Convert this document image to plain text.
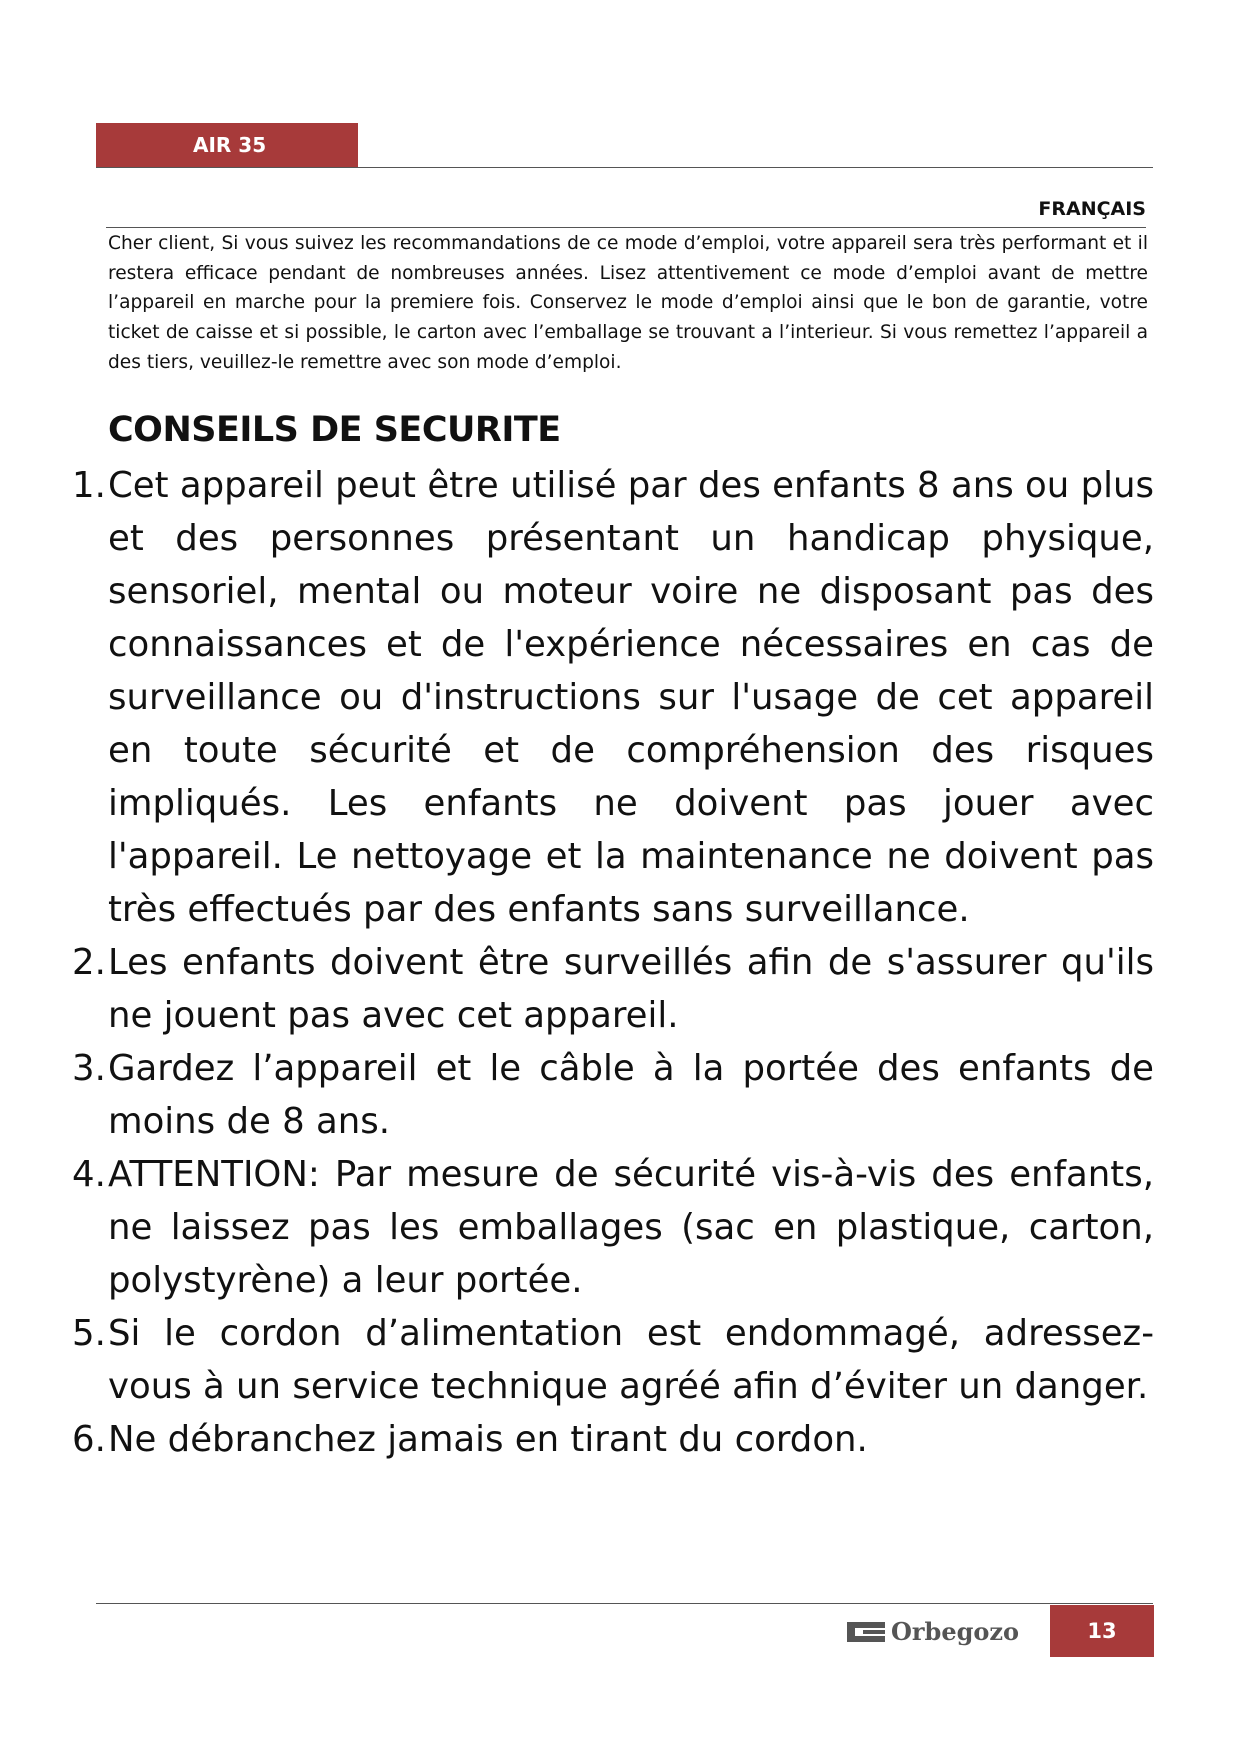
AIR 35
FRANÇAIS

Cher client, Si vous suivez les recommandations de ce mode d’emploi, votre appareil sera très performant et il restera efficace pendant de nombreuses années. Lisez attentivement ce mode d’emploi avant de mettre l’appareil en marche pour la premiere fois. Conservez le mode d’emploi ainsi que le bon de garantie, votre ticket de caisse et si possible, le carton avec l’emballage se trouvant a l’interieur. Si vous remettez l’appareil a des tiers, veuillez-le remettre avec son mode d’emploi.

CONSEILS DE SECURITE
1. Cet appareil peut être utilisé par des enfants 8 ans ou plus et des personnes présentant un handicap physique, sensoriel, mental ou moteur voire ne disposant pas des connaissances et de l'expérience nécessaires en cas de surveillance ou d'instructions sur l'usage de cet appareil en toute sécurité et de compréhension des risques impliqués. Les enfants ne doivent pas jouer avec l'appareil. Le nettoyage et la maintenance ne doivent pas très effectués par des enfants sans surveillance.
2. Les enfants doivent être surveillés afin de s'assurer qu'ils ne jouent pas avec cet appareil.
3. Gardez l’appareil et le câble à la portée des enfants de moins de 8 ans.
4. ATTENTION: Par mesure de sécurité vis-à-vis des enfants, ne laissez pas les emballages (sac en plastique, carton, polystyrène) a leur portée.
5. Si le cordon d’alimentation est endommagé, adressez-vous à un service technique agréé afin d’éviter un danger.
6. Ne débranchez jamais en tirant du cordon.
Orbegozo	13
